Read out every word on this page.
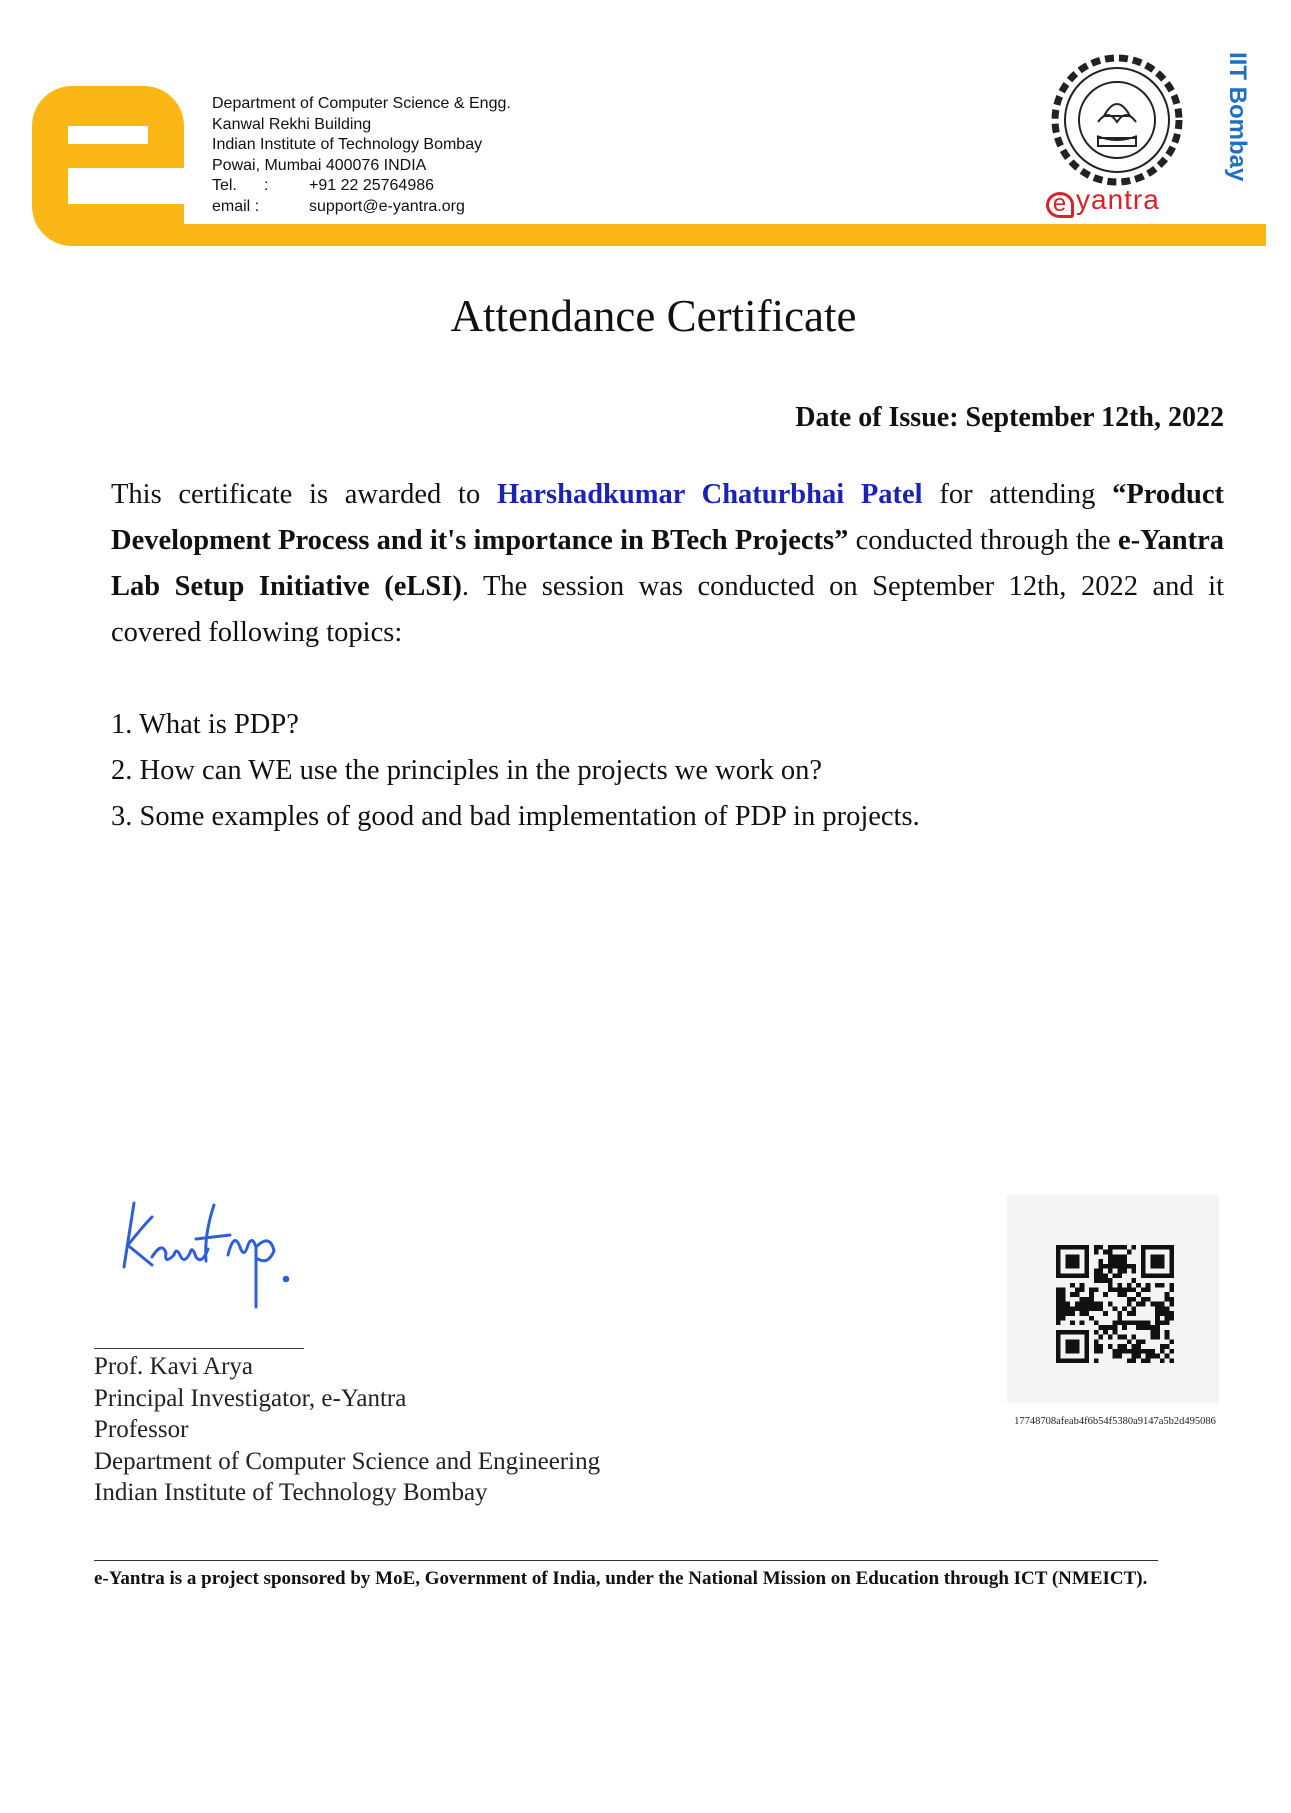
Department of Computer Science & Engg.
Kanwal Rekhi Building
Indian Institute of Technology Bombay
Powai, Mumbai 400076 INDIA
Tel. :	+91 22 25764986
email :	support@e-yantra.org	e yantra
IIT Bombay
Attendance Certificate
Date of Issue: September 12th, 2022
This certificate is awarded to Harshadkumar Chaturbhai Patel for attending “Product Development Process and it's importance in BTech Projects” conducted through the e-Yantra Lab Setup Initiative (eLSI). The session was conducted on September 12th, 2022 and it covered following topics:
1. What is PDP?
2. How can WE use the principles in the projects we work on?
3. Some examples of good and bad implementation of PDP in projects.
Prof. Kavi Arya
Principal Investigator, e-Yantra
Professor
Department of Computer Science and Engineering
Indian Institute of Technology Bombay
17748708afeab4f6b54f5380a9147a5b2d495086
e-Yantra is a project sponsored by MoE, Government of India, under the National Mission on Education through ICT (NMEICT).
